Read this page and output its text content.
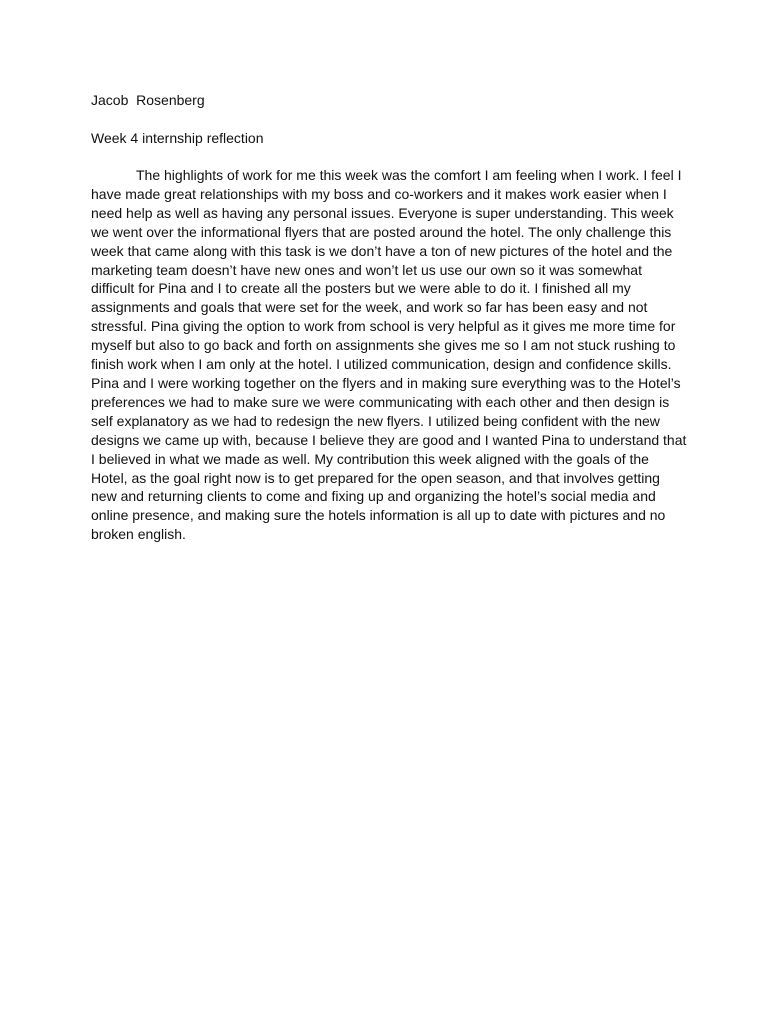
Jacob  Rosenberg
Week 4 internship reflection
The highlights of work for me this week was the comfort I am feeling when I work. I feel I
have made great relationships with my boss and co-workers and it makes work easier when I
need help as well as having any personal issues. Everyone is super understanding. This week
we went over the informational flyers that are posted around the hotel. The only challenge this
week that came along with this task is we don’t have a ton of new pictures of the hotel and the
marketing team doesn’t have new ones and won’t let us use our own so it was somewhat
difficult for Pina and I to create all the posters but we were able to do it. I finished all my
assignments and goals that were set for the week, and work so far has been easy and not
stressful. Pina giving the option to work from school is very helpful as it gives me more time for
myself but also to go back and forth on assignments she gives me so I am not stuck rushing to
finish work when I am only at the hotel. I utilized communication, design and confidence skills.
Pina and I were working together on the flyers and in making sure everything was to the Hotel’s
preferences we had to make sure we were communicating with each other and then design is
self explanatory as we had to redesign the new flyers. I utilized being confident with the new
designs we came up with, because I believe they are good and I wanted Pina to understand that
I believed in what we made as well. My contribution this week aligned with the goals of the
Hotel, as the goal right now is to get prepared for the open season, and that involves getting
new and returning clients to come and fixing up and organizing the hotel’s social media and
online presence, and making sure the hotels information is all up to date with pictures and no
broken english.
